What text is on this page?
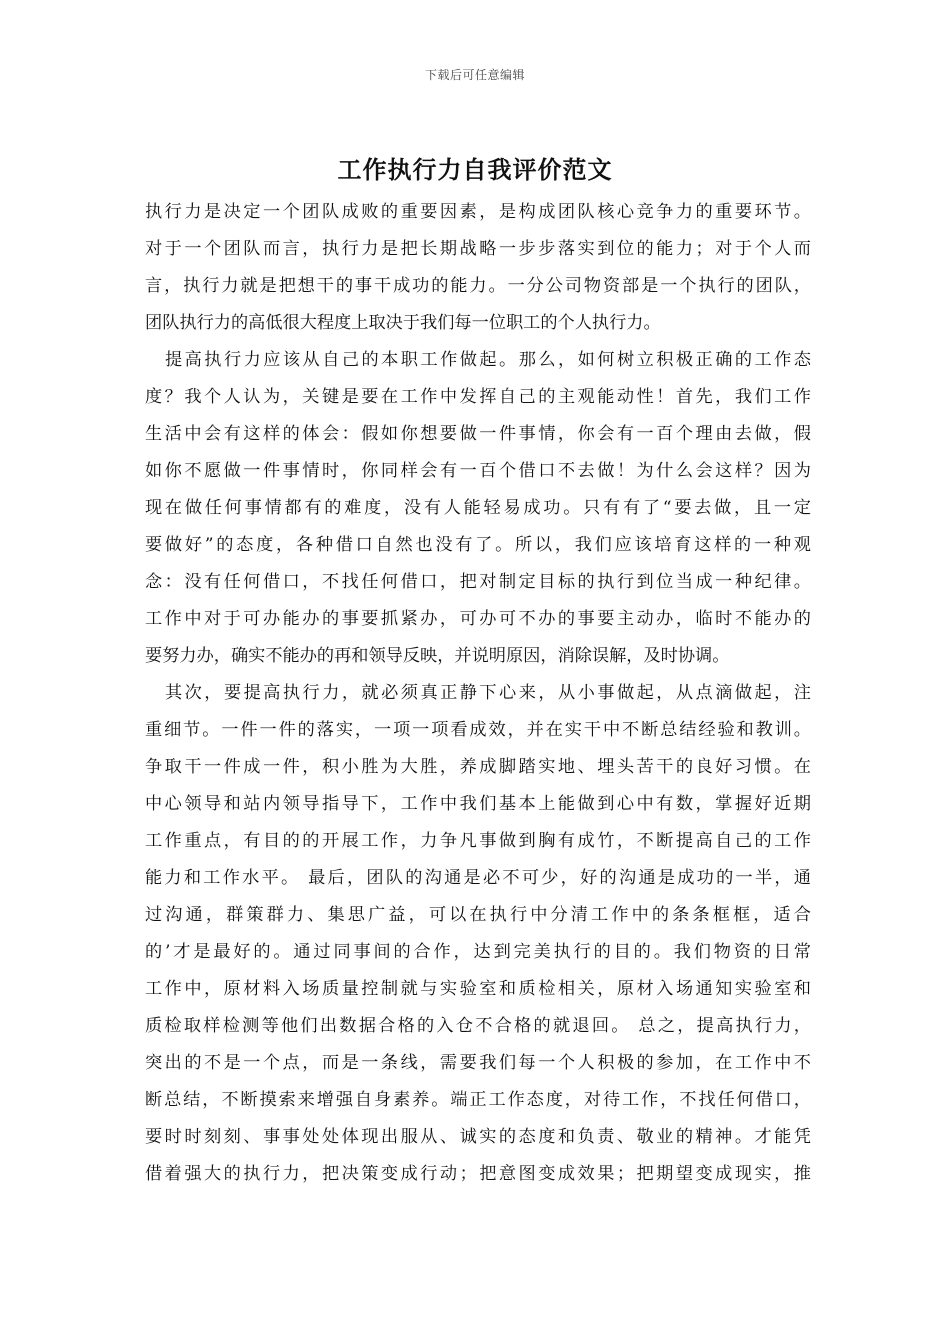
下载后可任意编辑
工作执行力自我评价范文
执行力是决定一个团队成败的重要因素，是构成团队核心竞争力的重要环节。
对于一个团队而言，执行力是把长期战略一步步落实到位的能力；对于个人而
言，执行力就是把想干的事干成功的能力。一分公司物资部是一个执行的团队，
团队执行力的高低很大程度上取决于我们每一位职工的个人执行力。
提高执行力应该从自己的本职工作做起。那么，如何树立积极正确的工作态
度？我个人认为，关键是要在工作中发挥自己的主观能动性！首先，我们工作
生活中会有这样的体会：假如你想要做一件事情，你会有一百个理由去做，假
如你不愿做一件事情时，你同样会有一百个借口不去做！为什么会这样？因为
现在做任何事情都有的难度，没有人能轻易成功。只有有了“要去做，且一定
要做好”的态度，各种借口自然也没有了。所以，我们应该培育这样的一种观
念：没有任何借口，不找任何借口，把对制定目标的执行到位当成一种纪律。
工作中对于可办能办的事要抓紧办，可办可不办的事要主动办，临时不能办的
要努力办，确实不能办的再和领导反映，并说明原因，消除误解，及时协调。
其次，要提高执行力，就必须真正静下心来，从小事做起，从点滴做起，注
重细节。一件一件的落实，一项一项看成效，并在实干中不断总结经验和教训。
争取干一件成一件，积小胜为大胜，养成脚踏实地、埋头苦干的良好习惯。在
中心领导和站内领导指导下，工作中我们基本上能做到心中有数，掌握好近期
工作重点，有目的的开展工作，力争凡事做到胸有成竹，不断提高自己的工作
能力和工作水平。 最后，团队的沟通是必不可少，好的沟通是成功的一半，通
过沟通，群策群力、集思广益，可以在执行中分清工作中的条条框框，适合
的’才是最好的。通过同事间的合作，达到完美执行的目的。我们物资的日常
工作中，原材料入场质量控制就与实验室和质检相关，原材入场通知实验室和
质检取样检测等他们出数据合格的入仓不合格的就退回。 总之，提高执行力，
突出的不是一个点，而是一条线，需要我们每一个人积极的参加，在工作中不
断总结，不断摸索来增强自身素养。端正工作态度，对待工作，不找任何借口，
要时时刻刻、事事处处体现出服从、诚实的态度和负责、敬业的精神。才能凭
借着强大的执行力，把决策变成行动；把意图变成效果；把期望变成现实，推
